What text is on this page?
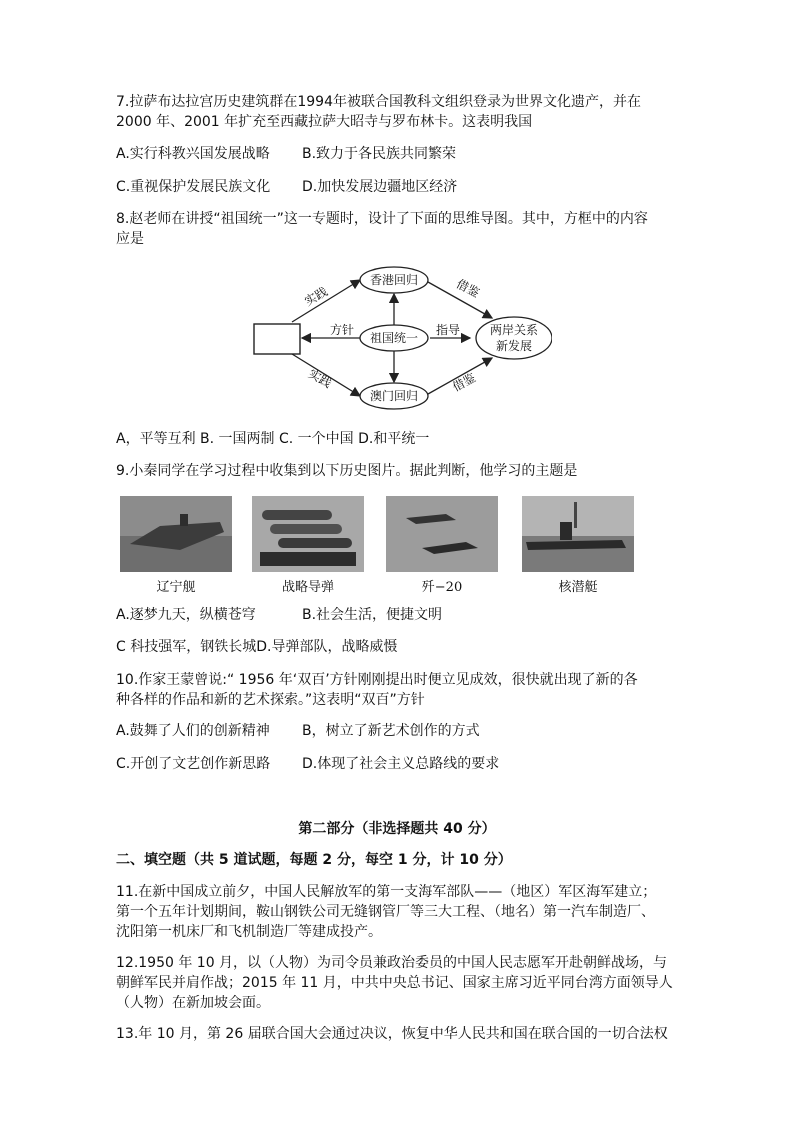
7.拉萨布达拉宫历史建筑群在1994年被联合国教科文组织登录为世界文化遗产，并在
2000 年、2001 年扩充至西藏拉萨大昭寺与罗布林卡。这表明我国
A.实行科教兴国发展战略 B.致力于各民族共同繁荣
C.重视保护发展民族文化 D.加快发展边疆地区经济
8.赵老师在讲授“祖国统一”这一专题时，设计了下面的思维导图。其中，方框中的内容
应是
香港回归
祖国统一
澳门回归
两岸关系
新发展
实践
实践
方针	指导
借鉴
借鉴
A，平等互利 B. 一国两制 C. 一个中国 D.和平统一
9.小秦同学在学习过程中收集到以下历史图片。据此判断，他学习的主题是
辽宁舰	战略导弹	歼−20	核潜艇
A.逐梦九天，纵横苍穹	B.社会生活，便捷文明
C 科技强军，钢铁长城D.导弹部队，战略威慑
10.作家王蒙曾说:“ 1956 年‘双百’方针刚刚提出时便立见成效，很快就出现了新的各
种各样的作品和新的艺术探索。”这表明“双百”方针
A.鼓舞了人们的创新精神 B，树立了新艺术创作的方式
C.开创了文艺创作新思路 D.体现了社会主义总路线的要求
第二部分（非选择题共 40 分）
二、填空题（共 5 道试题，每题 2 分，每空 1 分，计 10 分）
11.在新中国成立前夕，中国人民解放军的第一支海军部队——（地区）军区海军建立；
第一个五年计划期间，鞍山钢铁公司无缝钢管厂等三大工程、（地名）第一汽车制造厂、
沈阳第一机床厂和飞机制造厂等建成投产。
12.1950 年 10 月，以（人物）为司令员兼政治委员的中国人民志愿军开赴朝鲜战场，与
朝鲜军民并肩作战；2015 年 11 月，中共中央总书记、国家主席习近平同台湾方面领导人
（人物）在新加坡会面。
13.年 10 月，第 26 届联合国大会通过决议，恢复中华人民共和国在联合国的一切合法权
